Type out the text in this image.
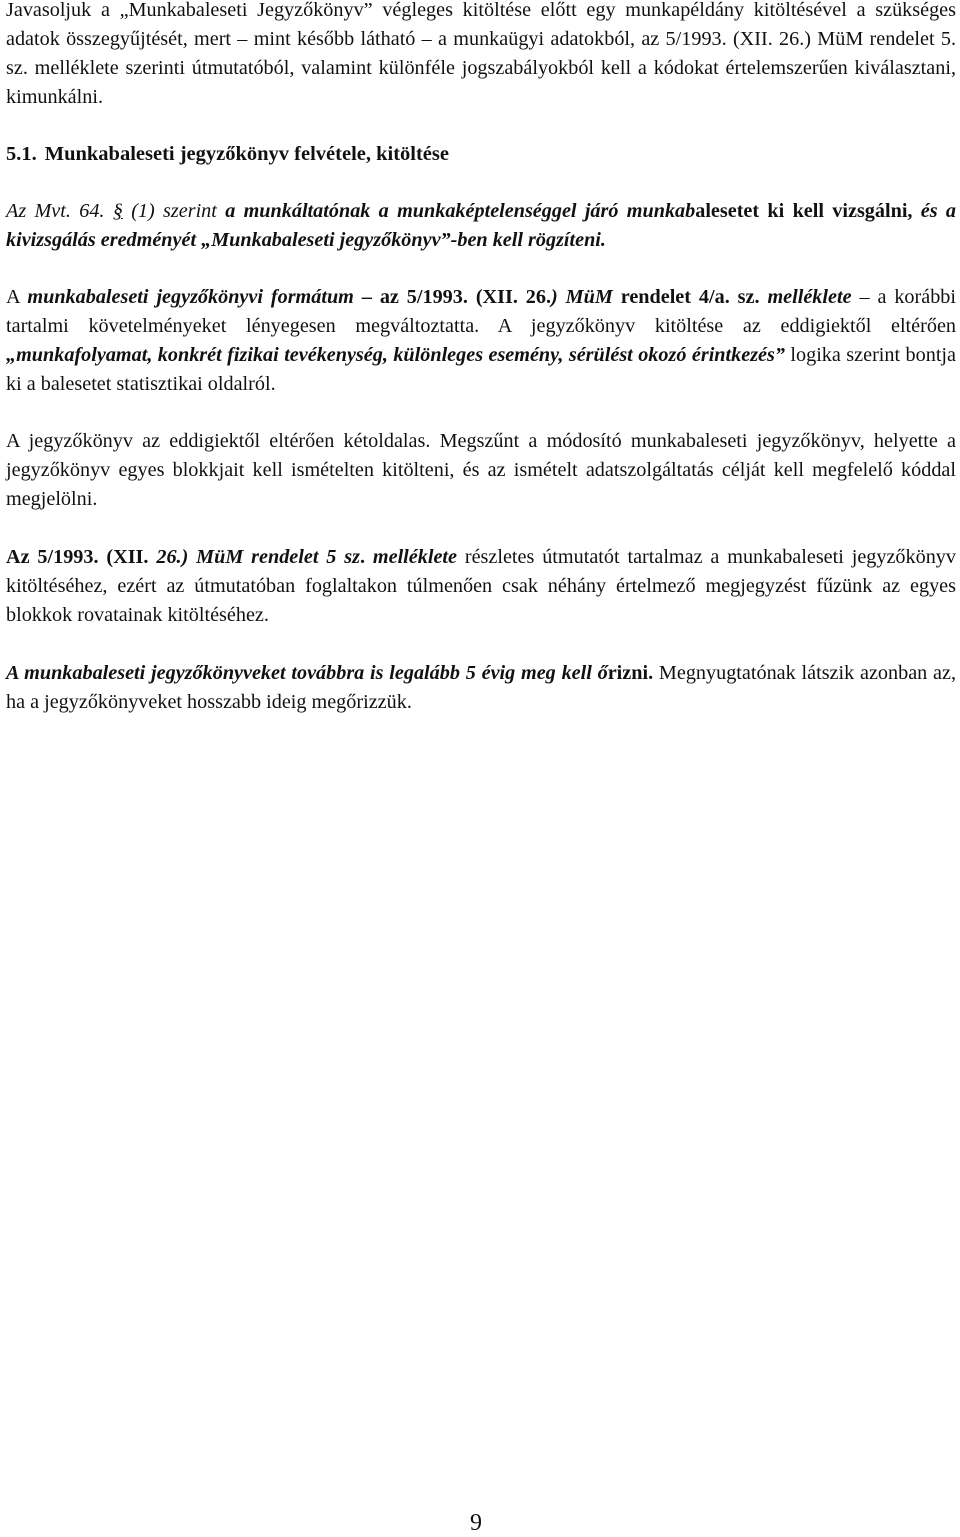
Javasoljuk a „Munkabaleseti Jegyzőkönyv” végleges kitöltése előtt egy munkapéldány kitöltésével a szükséges adatok összegyűjtését, mert – mint később látható – a munkaügyi adatokból, az 5/1993. (XII. 26.) MüM rendelet 5. sz. melléklete szerinti útmutatóból, valamint különféle jogszabályokból kell a kódokat értelemszerűen kiválasztani, kimunkálni.

5.1. Munkabaleseti jegyzőkönyv felvétele, kitöltése

Az Mvt. 64. § (1) szerint a munkáltatónak a munkaképtelenséggel járó munkabalesetet ki kell vizsgálni, és a kivizsgálás eredményét „Munkabaleseti jegyzőkönyv”-ben kell rögzíteni.

A munkabaleseti jegyzőkönyvi formátum – az 5/1993. (XII. 26.) MüM rendelet 4/a. sz. melléklete – a korábbi tartalmi követelményeket lényegesen megváltoztatta. A jegyzőkönyv kitöltése az eddigiektől eltérően „munkafolyamat, konkrét fizikai tevékenység, különleges esemény, sérülést okozó érintkezés” logika szerint bontja ki a balesetet statisztikai oldalról.

A jegyzőkönyv az eddigiektől eltérően kétoldalas. Megszűnt a módosító munkabaleseti jegyzőkönyv, helyette a jegyzőkönyv egyes blokkjait kell ismételten kitölteni, és az ismételt adatszolgáltatás célját kell megfelelő kóddal megjelölni.

Az 5/1993. (XII. 26.) MüM rendelet 5 sz. melléklete részletes útmutatót tartalmaz a munkabaleseti jegyzőkönyv kitöltéséhez, ezért az útmutatóban foglaltakon túlmenően csak néhány értelmező megjegyzést fűzünk az egyes blokkok rovatainak kitöltéséhez.

A munkabaleseti jegyzőkönyveket továbbra is legalább 5 évig meg kell őrizni. Megnyugtatónak látszik azonban az, ha a jegyzőkönyveket hosszabb ideig megőrizzük.

9
